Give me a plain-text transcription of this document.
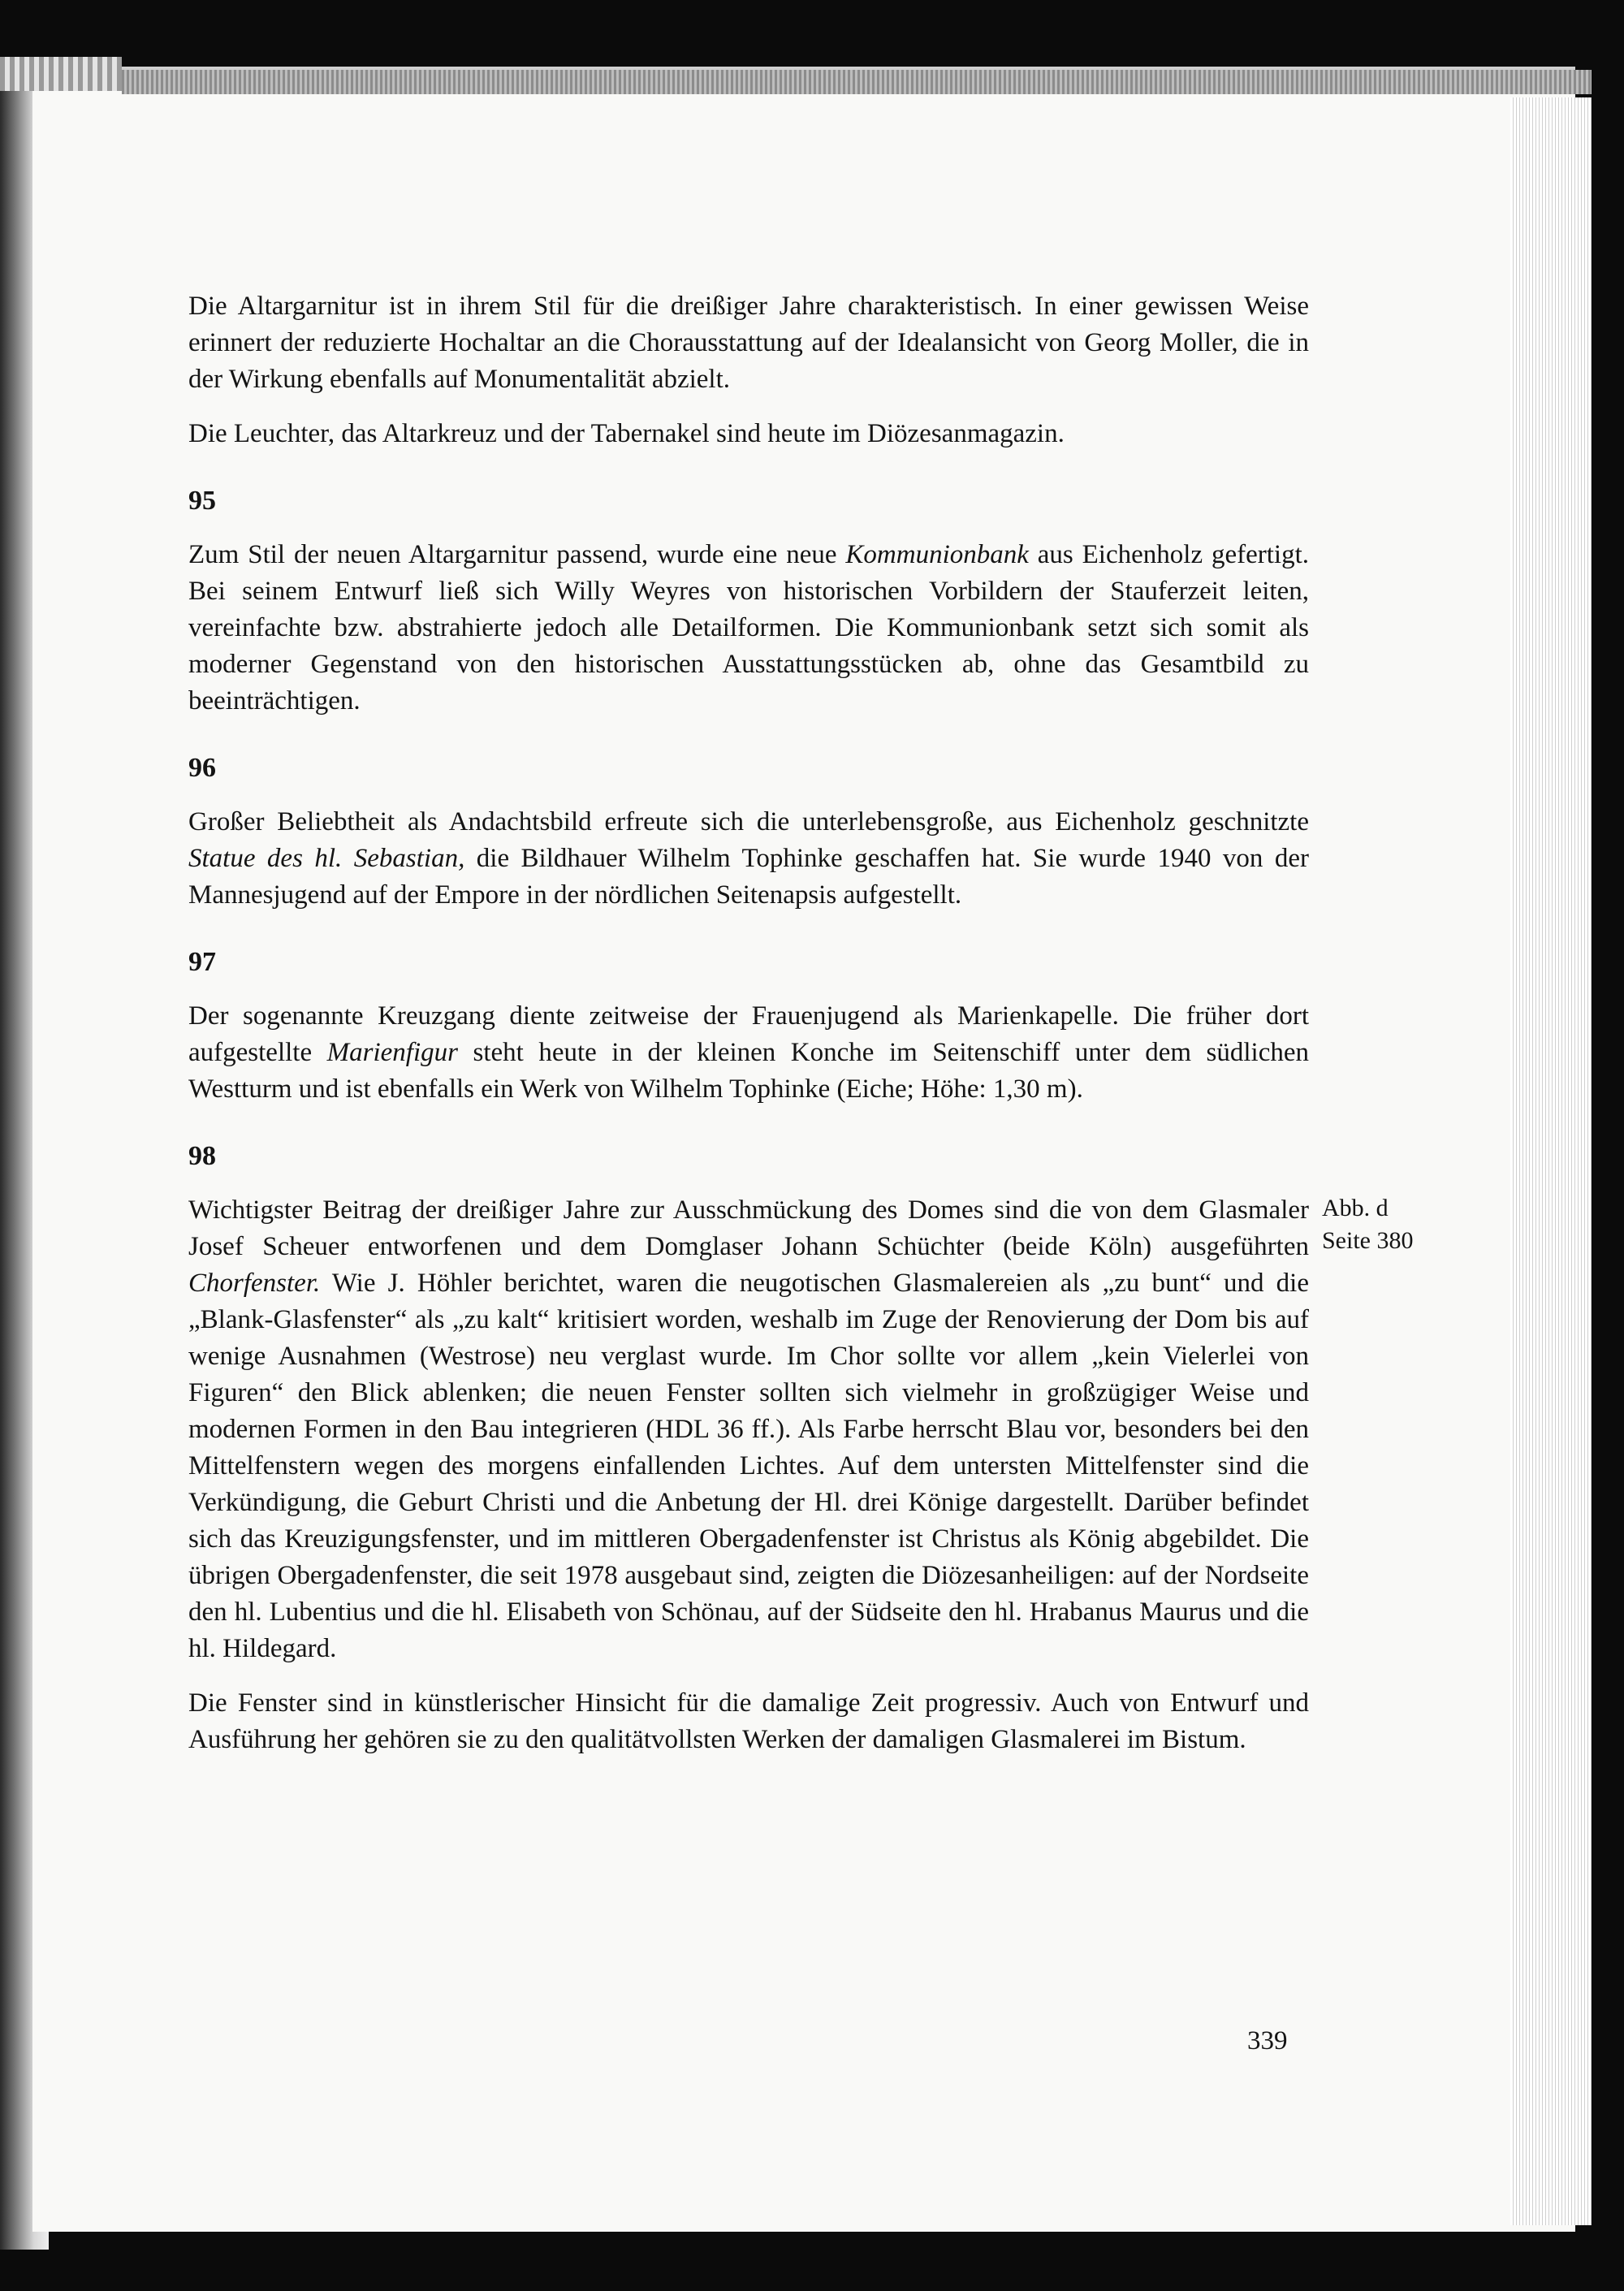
Die Altargarnitur ist in ihrem Stil für die dreißiger Jahre charakteristisch. In einer gewissen Weise erinnert der reduzierte Hochaltar an die Chorausstattung auf der Idealansicht von Georg Moller, die in der Wirkung ebenfalls auf Monumentalität abzielt.

Die Leuchter, das Altarkreuz und der Tabernakel sind heute im Diözesanmagazin.

95

Zum Stil der neuen Altargarnitur passend, wurde eine neue Kommunionbank aus Eichenholz gefertigt. Bei seinem Entwurf ließ sich Willy Weyres von historischen Vorbildern der Stauferzeit leiten, vereinfachte bzw. abstrahierte jedoch alle Detailformen. Die Kommunionbank setzt sich somit als moderner Gegenstand von den historischen Ausstattungsstücken ab, ohne das Gesamtbild zu beeinträchtigen.

96

Großer Beliebtheit als Andachtsbild erfreute sich die unterlebensgroße, aus Eichenholz geschnitzte Statue des hl. Sebastian, die Bildhauer Wilhelm Tophinke geschaffen hat. Sie wurde 1940 von der Mannesjugend auf der Empore in der nördlichen Seitenapsis aufgestellt.

97

Der sogenannte Kreuzgang diente zeitweise der Frauenjugend als Marienkapelle. Die früher dort aufgestellte Marienfigur steht heute in der kleinen Konche im Seitenschiff unter dem südlichen Westturm und ist ebenfalls ein Werk von Wilhelm Tophinke (Eiche; Höhe: 1,30 m).

98
Abb. d
Seite 380

Wichtigster Beitrag der dreißiger Jahre zur Ausschmückung des Domes sind die von dem Glasmaler Josef Scheuer entworfenen und dem Domglaser Johann Schüchter (beide Köln) ausgeführten Chorfenster. Wie J. Höhler berichtet, waren die neugotischen Glasmalereien als „zu bunt“ und die „Blank-Glasfenster“ als „zu kalt“ kritisiert worden, weshalb im Zuge der Renovierung der Dom bis auf wenige Ausnahmen (Westrose) neu verglast wurde. Im Chor sollte vor allem „kein Vielerlei von Figuren“ den Blick ablenken; die neuen Fenster sollten sich vielmehr in großzügiger Weise und modernen Formen in den Bau integrieren (HDL 36 ff.). Als Farbe herrscht Blau vor, besonders bei den Mittelfenstern wegen des morgens einfallenden Lichtes. Auf dem untersten Mittelfenster sind die Verkündigung, die Geburt Christi und die Anbetung der Hl. drei Könige dargestellt. Darüber befindet sich das Kreuzigungsfenster, und im mittleren Obergadenfenster ist Christus als König abgebildet. Die übrigen Obergadenfenster, die seit 1978 ausgebaut sind, zeigten die Diözesanheiligen: auf der Nordseite den hl. Lubentius und die hl. Elisabeth von Schönau, auf der Südseite den hl. Hrabanus Maurus und die hl. Hildegard.

Die Fenster sind in künstlerischer Hinsicht für die damalige Zeit progressiv. Auch von Entwurf und Ausführung her gehören sie zu den qualitätvollsten Werken der damaligen Glasmalerei im Bistum.

339
